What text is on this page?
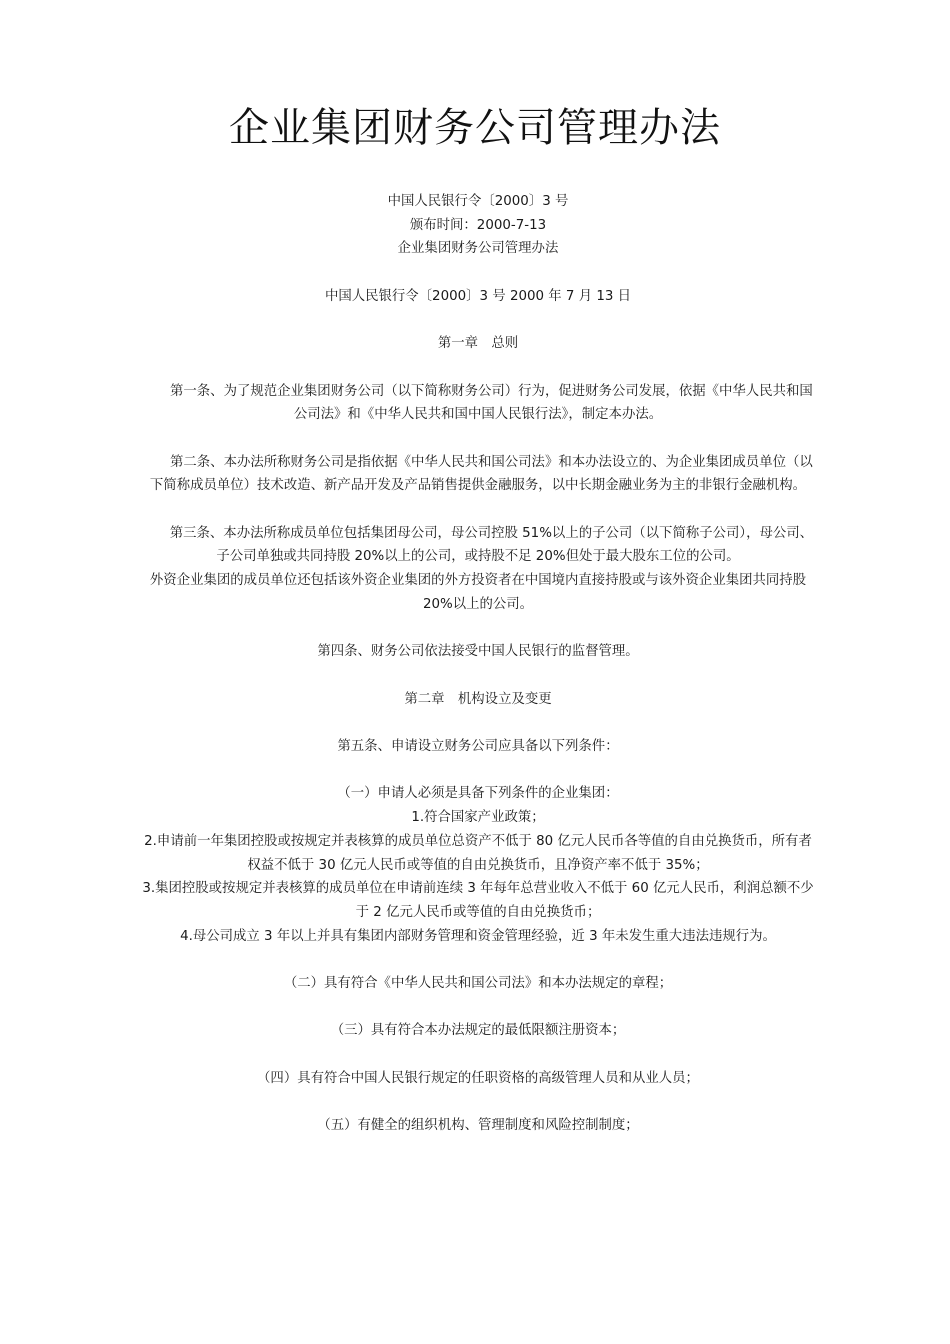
企业集团财务公司管理办法

中国人民银行令〔2000〕3 号

颁布时间：2000-7-13

企业集团财务公司管理办法

中国人民银行令〔2000〕3 号 2000 年 7 月 13 日

第一章　总则

第一条、为了规范企业集团财务公司（以下简称财务公司）行为，促进财务公司发展，依据《中华人民共和国公司法》和《中华人民共和国中国人民银行法》，制定本办法。

第二条、本办法所称财务公司是指依据《中华人民共和国公司法》和本办法设立的、为企业集团成员单位（以下简称成员单位）技术改造、新产品开发及产品销售提供金融服务，以中长期金融业务为主的非银行金融机构。

第三条、本办法所称成员单位包括集团母公司，母公司控股 51%以上的子公司（以下简称子公司），母公司、子公司单独或共同持股 20%以上的公司，或持股不足 20%但处于最大股东工位的公司。

外资企业集团的成员单位还包括该外资企业集团的外方投资者在中国境内直接持股或与该外资企业集团共同持股 20%以上的公司。

第四条、财务公司依法接受中国人民银行的监督管理。

第二章　机构设立及变更

第五条、申请设立财务公司应具备以下列条件：

（一）申请人必须是具备下列条件的企业集团：

1.符合国家产业政策；

2.申请前一年集团控股或按规定并表核算的成员单位总资产不低于 80 亿元人民币各等值的自由兑换货币，所有者权益不低于 30 亿元人民币或等值的自由兑换货币，且净资产率不低于 35%；

3.集团控股或按规定并表核算的成员单位在申请前连续 3 年每年总营业收入不低于 60 亿元人民币，利润总额不少于 2 亿元人民币或等值的自由兑换货币；

4.母公司成立 3 年以上并具有集团内部财务管理和资金管理经验，近 3 年未发生重大违法违规行为。

（二）具有符合《中华人民共和国公司法》和本办法规定的章程；

（三）具有符合本办法规定的最低限额注册资本；

（四）具有符合中国人民银行规定的任职资格的高级管理人员和从业人员；

（五）有健全的组织机构、管理制度和风险控制制度；
